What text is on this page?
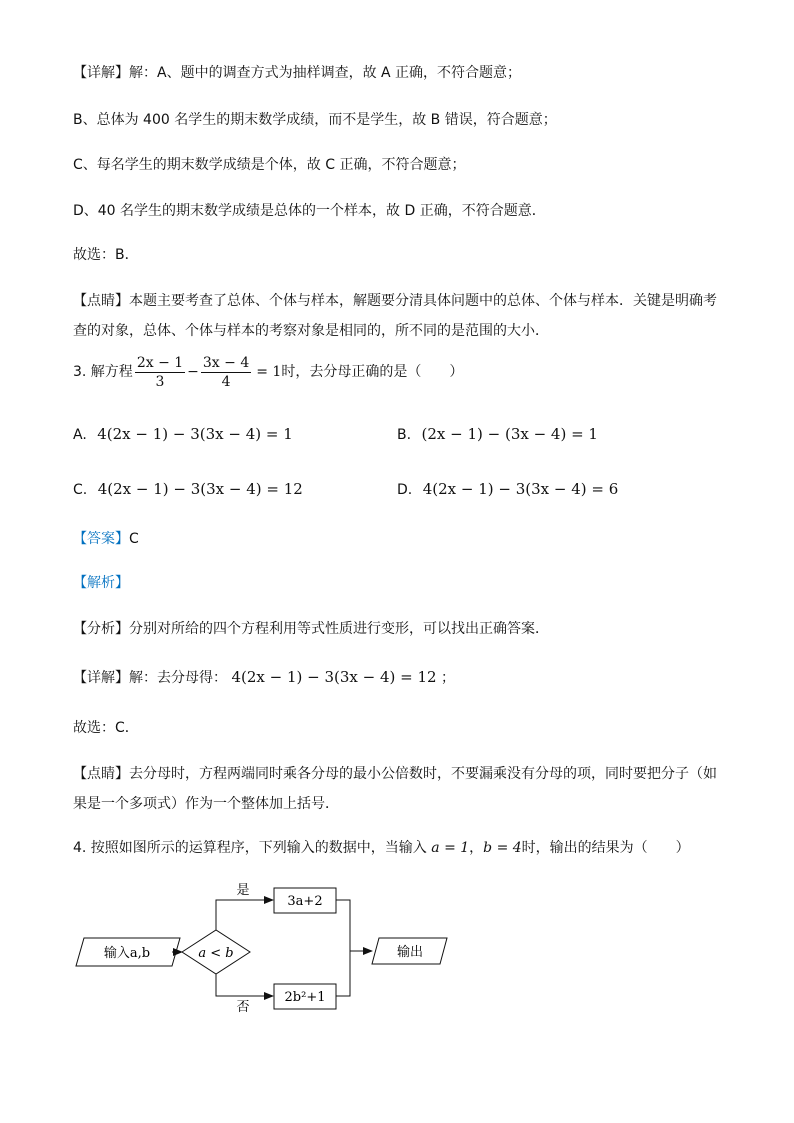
【详解】解：A、题中的调查方式为抽样调查，故 A 正确，不符合题意；
B、总体为 400 名学生的期末数学成绩，而不是学生，故 B 错误，符合题意；
C、每名学生的期末数学成绩是个体，故 C 正确，不符合题意；
D、40 名学生的期末数学成绩是总体的一个样本，故 D 正确，不符合题意．
故选：B．
【点睛】本题主要考查了总体、个体与样本，解题要分清具体问题中的总体、个体与样本．关键是明确考
查的对象，总体、个体与样本的考察对象是相同的，所不同的是范围的大小．
3. 解方程 $\frac{2x - 1}{3} - \frac{3x - 4}{4} = 1$ 时，去分母正确的是（　　）
A. 4(2x − 1) − 3(3x − 4) = 1	B. (2x − 1) − (3x − 4) = 1
C. 4(2x − 1) − 3(3x − 4) = 12	D. 4(2x − 1) − 3(3x − 4) = 6
【答案】C
【解析】
【分析】分别对所给的四个方程利用等式性质进行变形，可以找出正确答案．
【详解】解：去分母得： 4(2x − 1) − 3(3x − 4) = 12 ；
故选：C．
【点睛】去分母时，方程两端同时乘各分母的最小公倍数时，不要漏乘没有分母的项，同时要把分子（如
果是一个多项式）作为一个整体加上括号．
4. 按照如图所示的运算程序，下列输入的数据中，当输入 a = 1，b = 4时，输出的结果为（　　）
输入a,b	a < b
是
否
3a+2
2b²+1
输出
